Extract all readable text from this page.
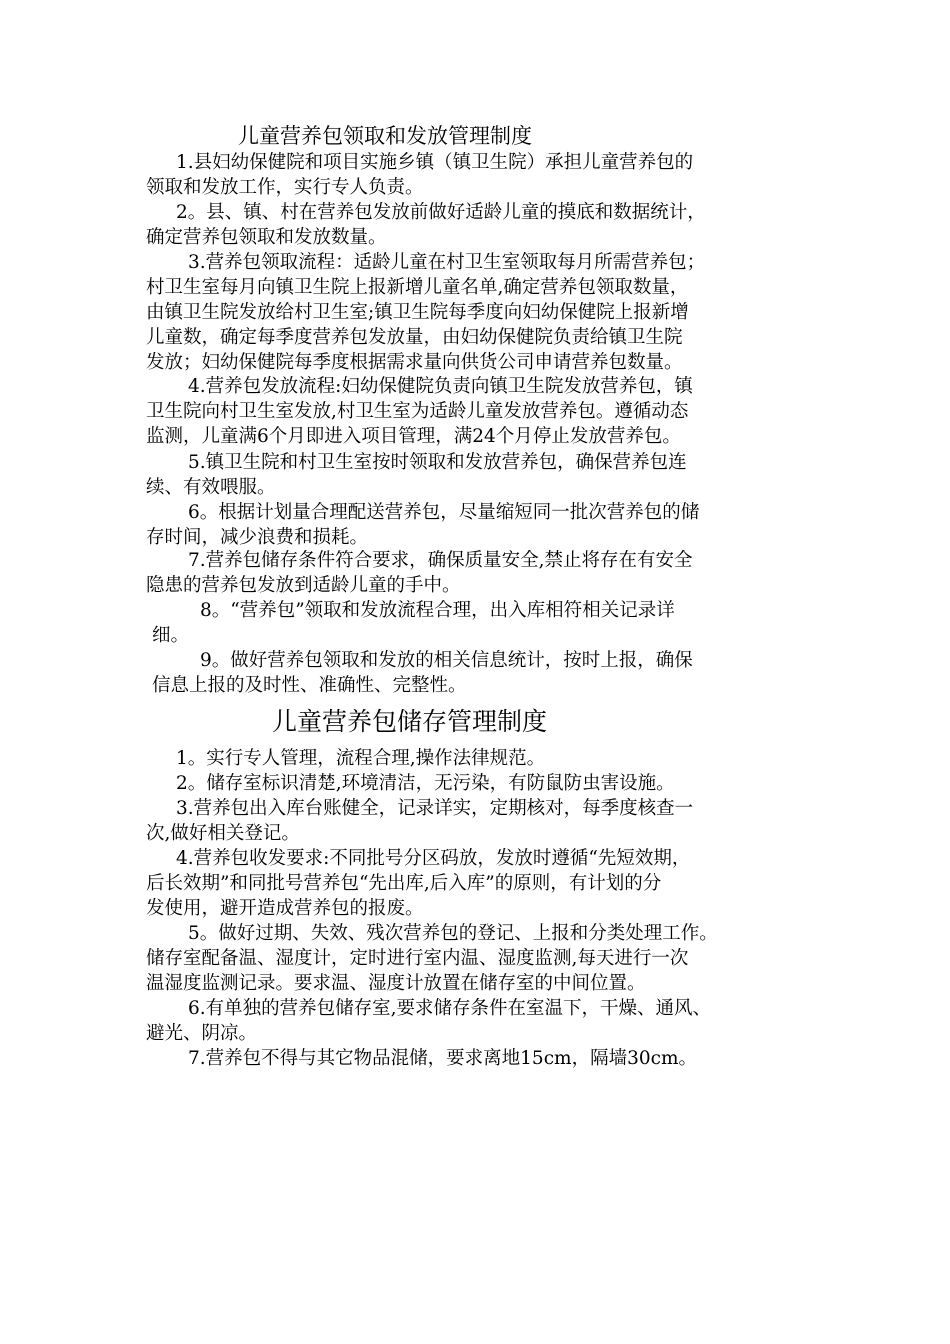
儿童营养包领取和发放管理制度

1.县妇幼保健院和项目实施乡镇（镇卫生院）承担儿童营养包的
领取和发放工作，实行专人负责。

2。县、镇、村在营养包发放前做好适龄儿童的摸底和数据统计，
确定营养包领取和发放数量。

3.营养包领取流程：适龄儿童在村卫生室领取每月所需营养包；
村卫生室每月向镇卫生院上报新增儿童名单,确定营养包领取数量，
由镇卫生院发放给村卫生室;镇卫生院每季度向妇幼保健院上报新增
儿童数，确定每季度营养包发放量，由妇幼保健院负责给镇卫生院
发放；妇幼保健院每季度根据需求量向供货公司申请营养包数量。

4.营养包发放流程:妇幼保健院负责向镇卫生院发放营养包，镇
卫生院向村卫生室发放,村卫生室为适龄儿童发放营养包。遵循动态
监测，儿童满6个月即进入项目管理，满24个月停止发放营养包。

5.镇卫生院和村卫生室按时领取和发放营养包，确保营养包连
续、有效喂服。

6。根据计划量合理配送营养包，尽量缩短同一批次营养包的储
存时间，减少浪费和损耗。

7.营养包储存条件符合要求，确保质量安全,禁止将存在有安全
隐患的营养包发放到适龄儿童的手中。

8。“营养包”领取和发放流程合理，出入库相符相关记录详
细。

9。做好营养包领取和发放的相关信息统计，按时上报，确保
信息上报的及时性、准确性、完整性。

儿童营养包储存管理制度

1。实行专人管理，流程合理,操作法律规范。

2。储存室标识清楚,环境清洁，无污染，有防鼠防虫害设施。

3.营养包出入库台账健全，记录详实，定期核对，每季度核查一
次,做好相关登记。

4.营养包收发要求:不同批号分区码放，发放时遵循“先短效期，
后长效期”和同批号营养包“先出库,后入库”的原则，有计划的分
发使用，避开造成营养包的报废。

5。做好过期、失效、残次营养包的登记、上报和分类处理工作。
储存室配备温、湿度计，定时进行室内温、湿度监测,每天进行一次
温湿度监测记录。要求温、湿度计放置在储存室的中间位置。

6.有单独的营养包储存室,要求储存条件在室温下，干燥、通风、
避光、阴凉。

7.营养包不得与其它物品混储，要求离地15cm，隔墙30cm。
